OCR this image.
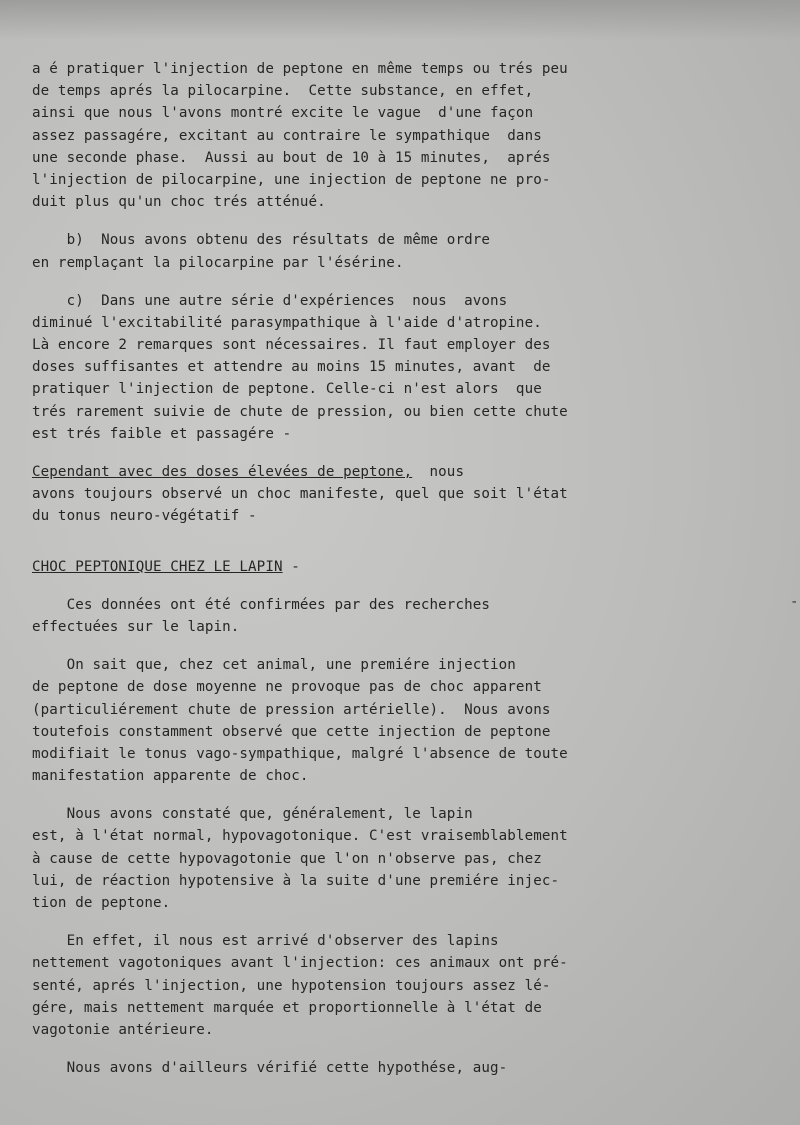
a é pratiquer l'injection de peptone en même temps ou trés peu
de temps aprés la pilocarpine.  Cette substance, en effet,
ainsi que nous l'avons montré excite le vague  d'une façon
assez passagére, excitant au contraire le sympathique  dans
une seconde phase.  Aussi au bout de 10 à 15 minutes,  aprés
l'injection de pilocarpine, une injection de peptone ne pro-
duit plus qu'un choc trés atténué.
b)  Nous avons obtenu des résultats de même ordre
en remplaçant la pilocarpine par l'ésérine.
c)  Dans une autre série d'expériences  nous  avons
diminué l'excitabilité parasympathique à l'aide d'atropine.
Là encore 2 remarques sont nécessaires. Il faut employer des
doses suffisantes et attendre au moins 15 minutes, avant  de
pratiquer l'injection de peptone. Celle-ci n'est alors  que
trés rarement suivie de chute de pression, ou bien cette chute
est trés faible et passagére -
Cependant avec des doses élevées de peptone,  nous
avons toujours observé un choc manifeste, quel que soit l'état
du tonus neuro-végétatif -
CHOC PEPTONIQUE CHEZ LE LAPIN -
Ces données ont été confirmées par des recherches
effectuées sur le lapin.
On sait que, chez cet animal, une premiére injection
de peptone de dose moyenne ne provoque pas de choc apparent
(particuliérement chute de pression artérielle).  Nous avons
toutefois constamment observé que cette injection de peptone
modifiait le tonus vago-sympathique, malgré l'absence de toute
manifestation apparente de choc.
Nous avons constaté que, généralement, le lapin
est, à l'état normal, hypovagotonique. C'est vraisemblablement
à cause de cette hypovagotonie que l'on n'observe pas, chez
lui, de réaction hypotensive à la suite d'une premiére injec-
tion de peptone.
En effet, il nous est arrivé d'observer des lapins
nettement vagotoniques avant l'injection: ces animaux ont pré-
senté, aprés l'injection, une hypotension toujours assez lé-
gére, mais nettement marquée et proportionnelle à l'état de
vagotonie antérieure.
Nous avons d'ailleurs vérifié cette hypothése, aug-
-
